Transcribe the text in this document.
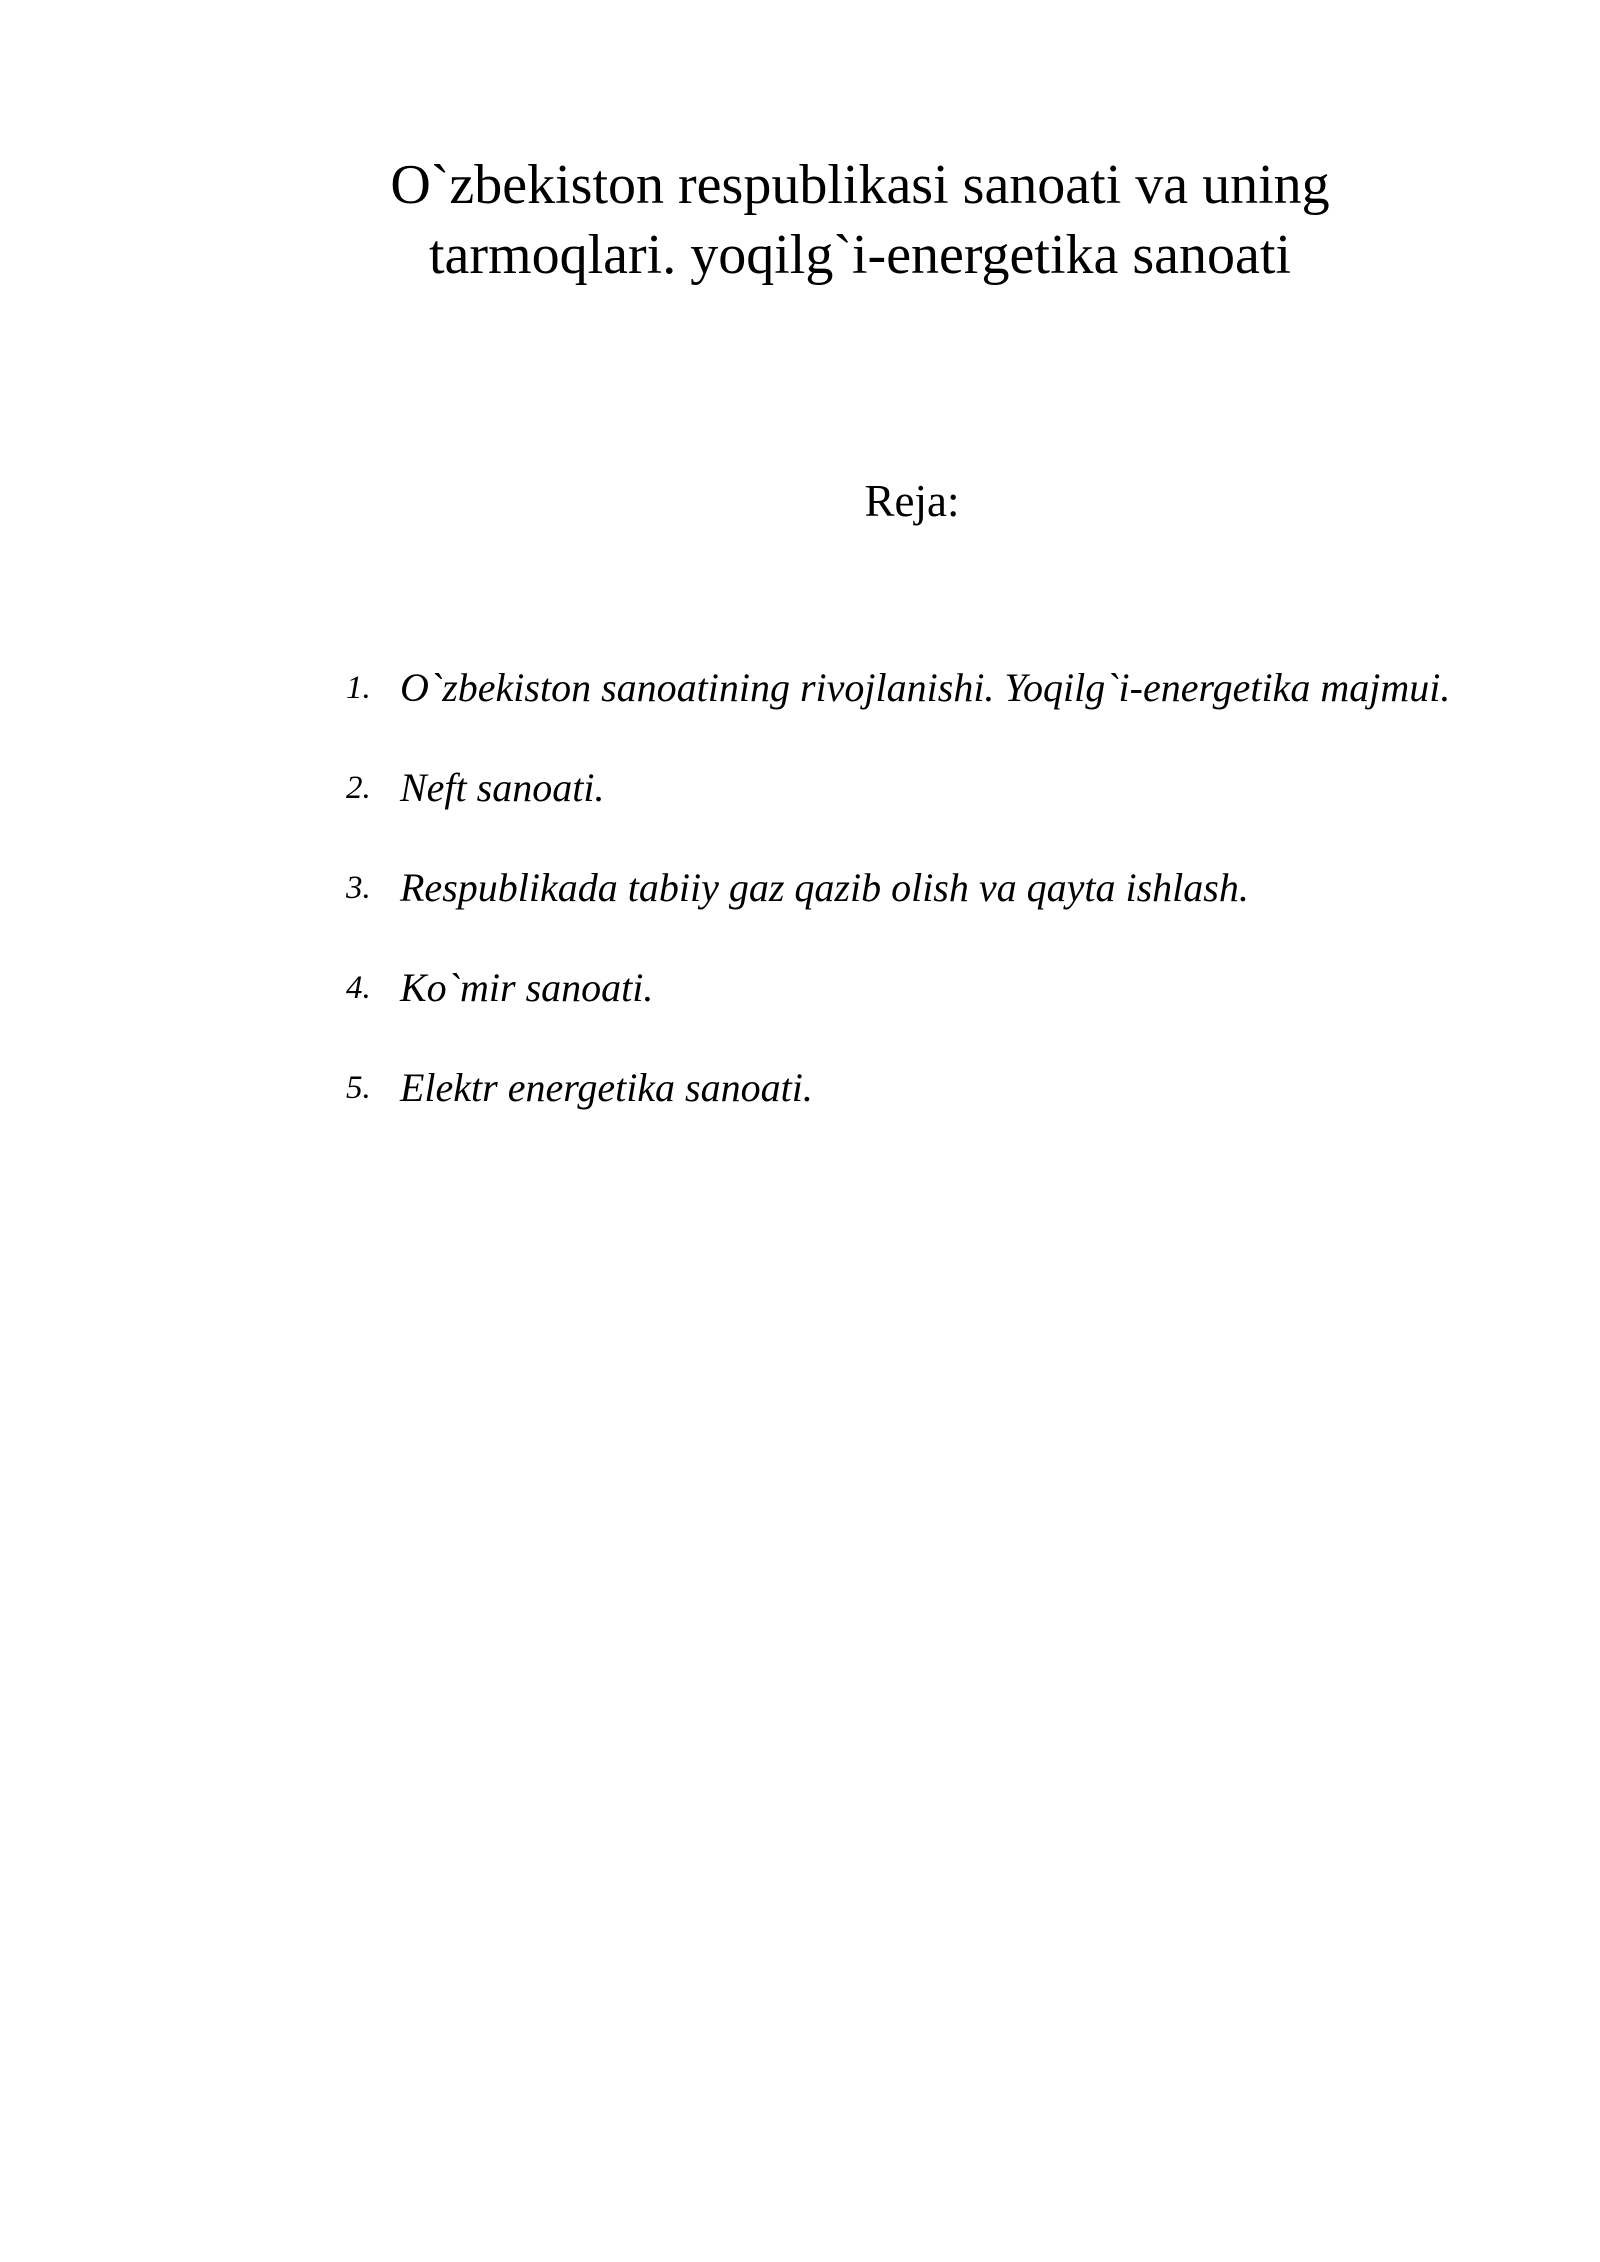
O`zbekiston respublikasi sanoati va uning tarmoqlari. yoqilg`i-energetika sanoati
Reja:
1. O`zbekiston sanoatining rivojlanishi. Yoqilg`i-energetika majmui.
2. Neft sanoati.
3. Respublikada tabiiy gaz qazib olish va qayta ishlash.
4. Ko`mir sanoati.
5. Elektr energetika sanoati.
